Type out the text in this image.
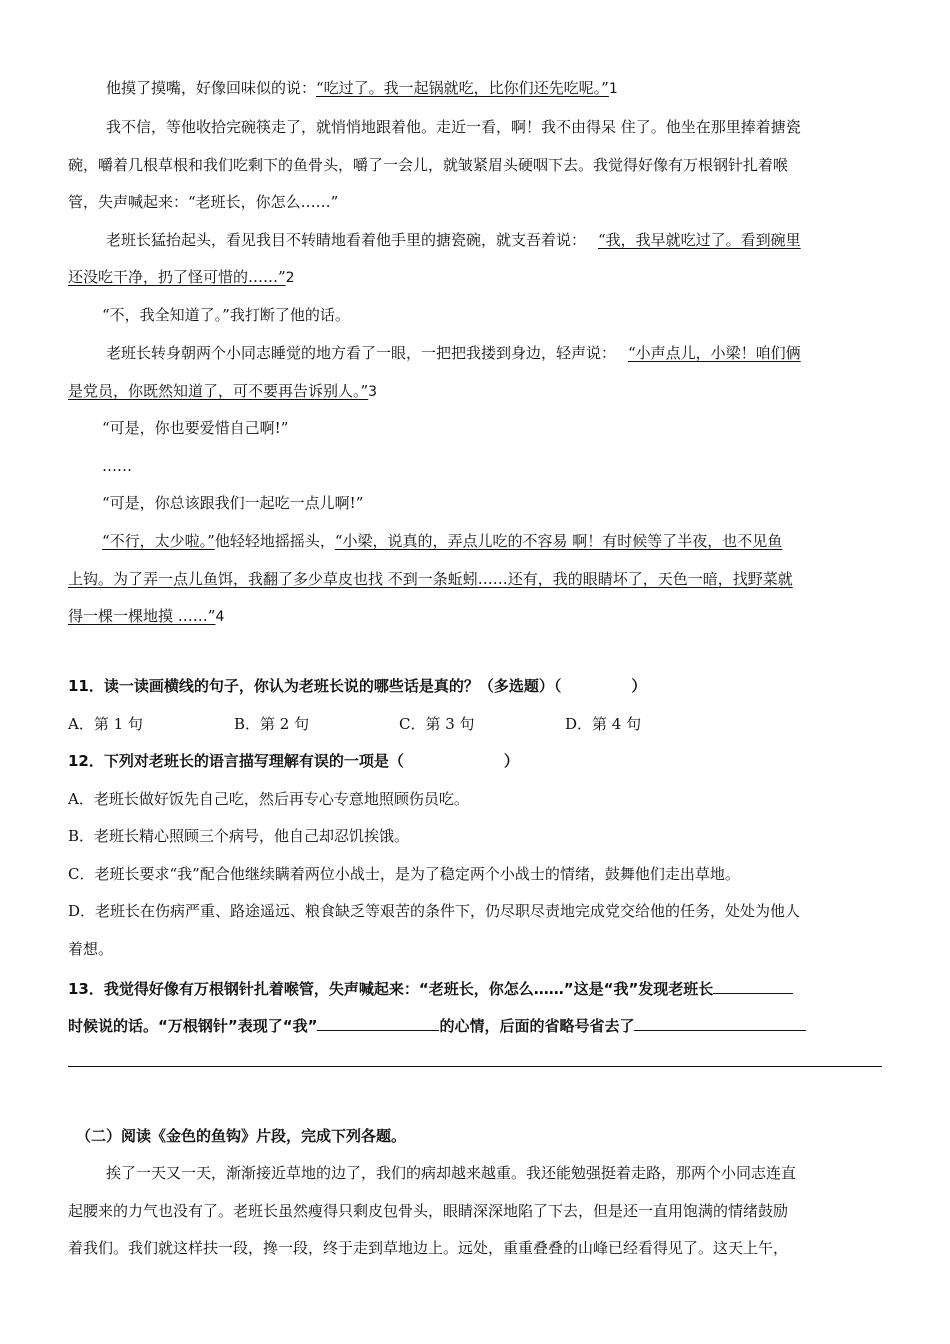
他摸了摸嘴，好像回味似的说：“吃过了。我一起锅就吃，比你们还先吃呢。”1
我不信，等他收拾完碗筷走了，就悄悄地跟着他。走近一看，啊！我不由得呆 住了。他坐在那里捧着搪瓷
碗，嚼着几根草根和我们吃剩下的鱼骨头，嚼了一会儿，就皱紧眉头硬咽下去。我觉得好像有万根钢针扎着喉
管，失声喊起来：“老班长，你怎么……”
老班长猛抬起头，看见我目不转睛地看着他手里的搪瓷碗，就支吾着说： “我，我早就吃过了。看到碗里
还没吃干净，扔了怪可惜的……”2
“不，我全知道了。”我打断了他的话。
老班长转身朝两个小同志睡觉的地方看了一眼，一把把我搂到身边，轻声说： “小声点儿，小梁！咱们俩
是党员，你既然知道了，可不要再告诉别人。”3
“可是，你也要爱惜自己啊!”
……
“可是，你总该跟我们一起吃一点儿啊!”
“不行，太少啦。”他轻轻地摇摇头，“小梁，说真的，弄点儿吃的不容易 啊！有时候等了半夜，也不见鱼
上钩。为了弄一点儿鱼饵，我翻了多少草皮也找 不到一条蚯蚓……还有，我的眼睛坏了，天色一暗，找野菜就
得一棵一棵地摸 ……”4
11．读一读画横线的句子，你认为老班长说的哪些话是真的？（多选题）（	）
A．第 1 句	B．第 2 句	C．第 3 句	D．第 4 句
12．下列对老班长的语言描写理解有误的一项是（	）
A．老班长做好饭先自己吃，然后再专心专意地照顾伤员吃。
B．老班长精心照顾三个病号，他自己却忍饥挨饿。
C．老班长要求“我”配合他继续瞒着两位小战士，是为了稳定两个小战士的情绪，鼓舞他们走出草地。
D．老班长在伤病严重、路途遥远、粮食缺乏等艰苦的条件下，仍尽职尽责地完成党交给他的任务，处处为他人
着想。
13．我觉得好像有万根钢针扎着喉管，失声喊起来：“老班长，你怎么……”这是“我”发现老班长
时候说的话。“万根钢针”表现了“我”	的心情，后面的省略号省去了
（二）阅读《金色的鱼钩》片段，完成下列各题。
挨了一天又一天，渐渐接近草地的边了，我们的病却越来越重。我还能勉强挺着走路，那两个小同志连直
起腰来的力气也没有了。老班长虽然瘦得只剩皮包骨头，眼睛深深地陷了下去，但是还一直用饱满的情绪鼓励
着我们。我们就这样扶一段，搀一段，终于走到草地边上。远处，重重叠叠的山峰已经看得见了。这天上午，
